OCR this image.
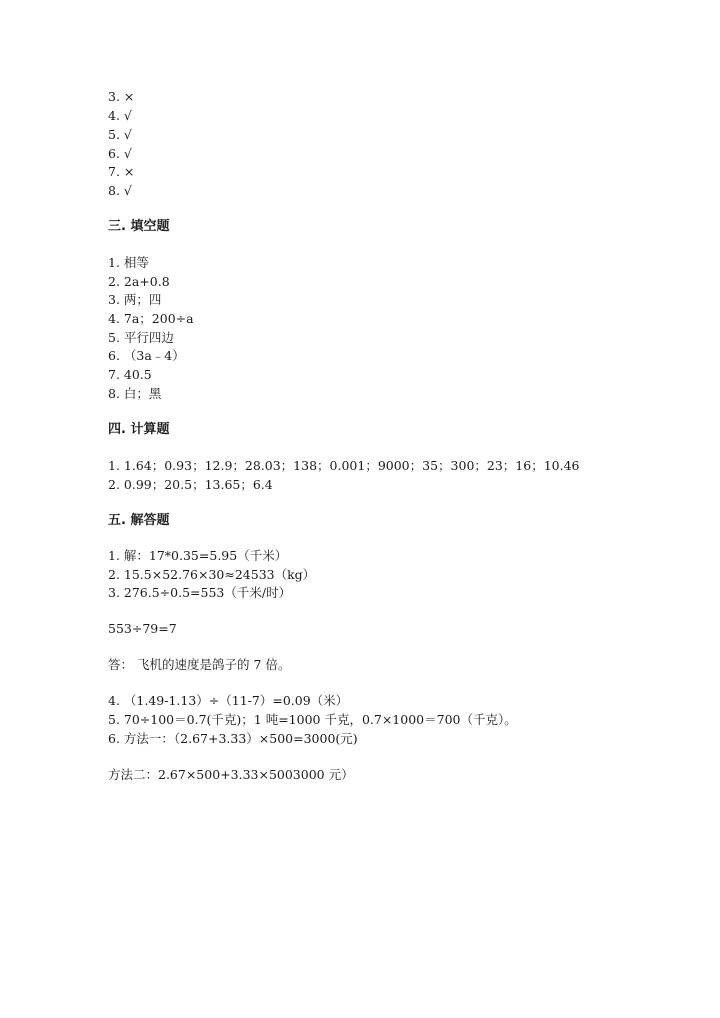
3. ×
4. √
5. √
6. √
7. ×
8. √
三. 填空题
1. 相等
2. 2a+0.8
3. 两；四
4. 7a；200÷a
5. 平行四边
6. （3a﹣4）
7. 40.5
8. 白；黑
四. 计算题
1. 1.64；0.93；12.9；28.03；138；0.001；9000；35；300；23；16；10.46
2. 0.99；20.5；13.65；6.4
五. 解答题
1. 解：17*0.35=5.95（千米）
2. 15.5×52.76×30≈24533（kg）
3. 276.5÷0.5=553（千米/时）
553÷79=7
答： 飞机的速度是鸽子的 7 倍。
4. （1.49-1.13）÷（11-7）=0.09（米）
5. 70÷100＝0.7(千克)；1 吨=1000 千克，0.7×1000＝700（千克）。
6. 方法一：（2.67+3.33）×500=3000(元)
方法二：2.67×500+3.33×5003000 元）
